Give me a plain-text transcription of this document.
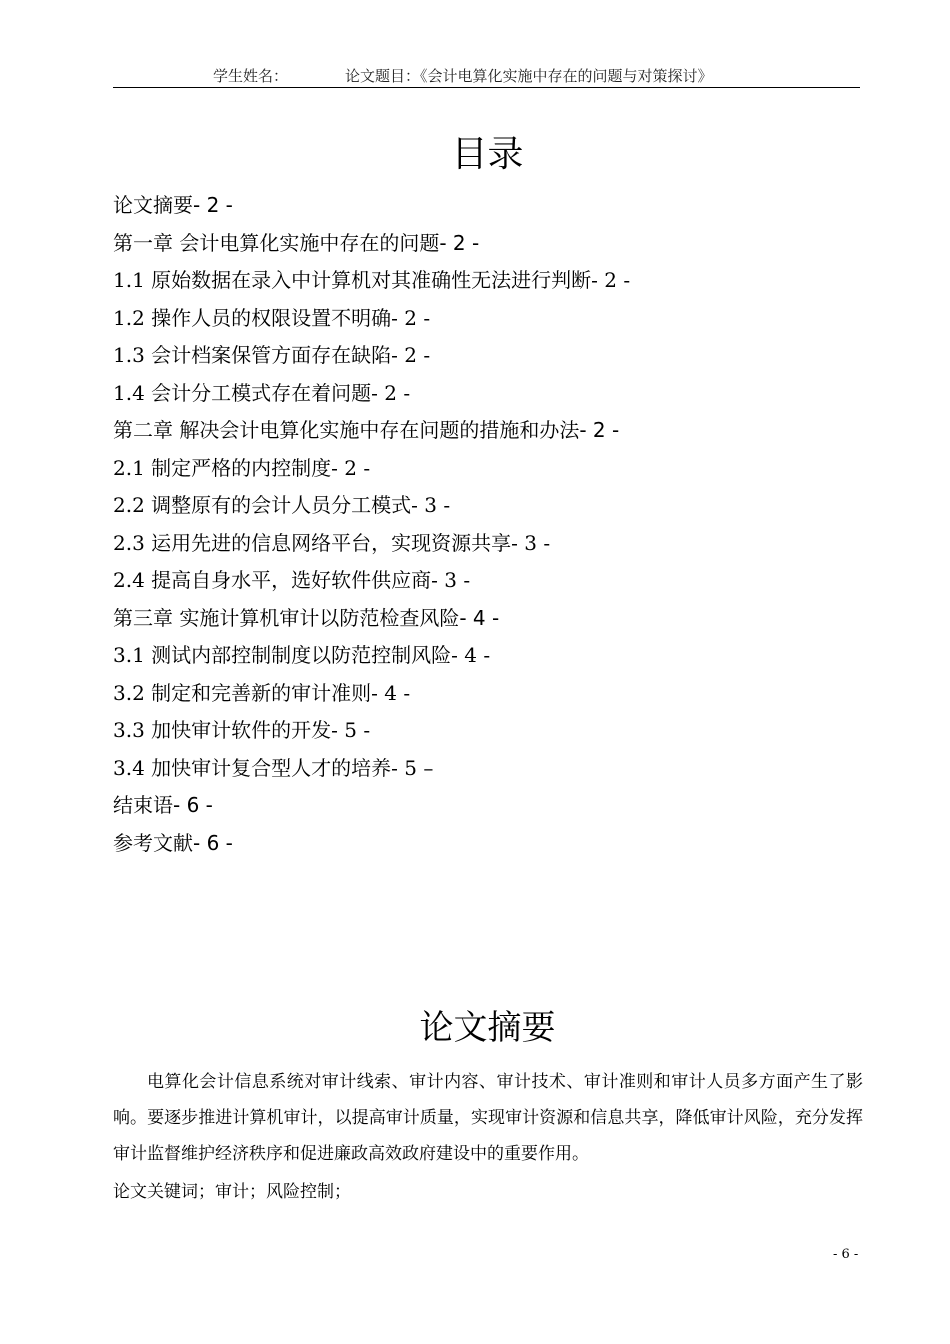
学生姓名：	论文题目：《会计电算化实施中存在的问题与对策探讨》
目录
论文摘要- 2 -
第一章 会计电算化实施中存在的问题- 2 -
1.1 原始数据在录入中计算机对其准确性无法进行判断- 2 -
1.2 操作人员的权限设置不明确- 2 -
1.3 会计档案保管方面存在缺陷- 2 -
1.4 会计分工模式存在着问题- 2 -
第二章 解决会计电算化实施中存在问题的措施和办法- 2 -
2.1 制定严格的内控制度- 2 -
2.2 调整原有的会计人员分工模式- 3 -
2.3 运用先进的信息网络平台，实现资源共享- 3 -
2.4 提高自身水平，选好软件供应商- 3 -
第三章 实施计算机审计以防范检查风险- 4 -
3.1 测试内部控制制度以防范控制风险- 4 -
3.2 制定和完善新的审计准则- 4 -
3.3 加快审计软件的开发- 5 -
3.4 加快审计复合型人才的培养- 5 –
结束语- 6 -
参考文献- 6 -
论文摘要

电算化会计信息系统对审计线索、审计内容、审计技术、审计准则和审计人员多方面产生了影响。要逐步推进计算机审计，以提高审计质量，实现审计资源和信息共享，降低审计风险，充分发挥审计监督维护经济秩序和促进廉政高效政府建设中的重要作用。

论文关键词；审计；风险控制；
- 6 -
